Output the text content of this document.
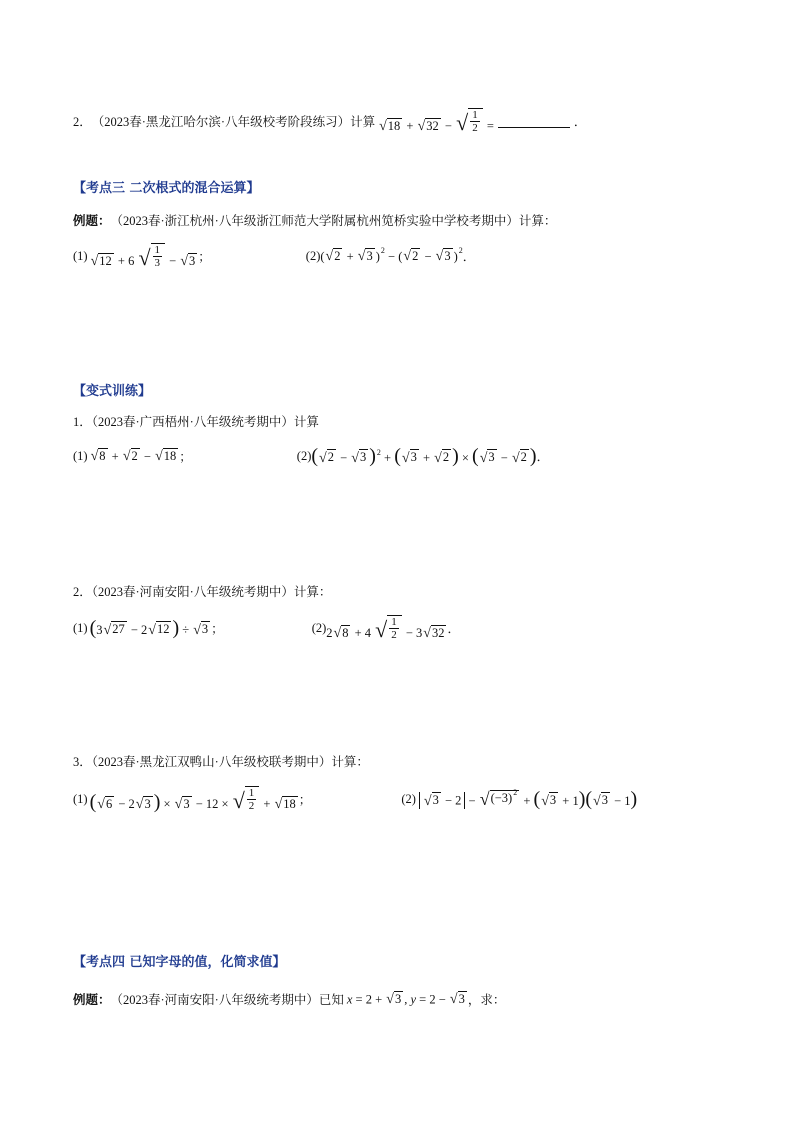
2． （2023春·黑龙江哈尔滨·八年级校考阶段练习） 计算 √ 18 + √ 32 − √ $\frac{1}{2}$ =	．
【考点三 二次根式的混合运算】
例题： （2023春·浙江杭州·八年级浙江师范大学附属杭州笕桥实验中学校考期中）计算：
(1) √ 12 + 6 √ $\frac{1}{3}$ − √ 3 ；	(2) ( √ 2 + √ 3 )$^2$ − ( √ 2 − √ 3 )$^2$ ．
【变式训练】
1．（2023春·广西梧州·八年级统考期中）计算
(1) √ 8 + √ 2 − √ 18 ；	(2) ( √ 2 − √ 3 )$^2$ + ( √ 3 + √ 2 ) × ( √ 3 − √ 2 ) ．
2．（2023春·河南安阳·八年级统考期中）计算：
(1) (3 √ 27 − 2 √ 12 ) ÷ √ 3 ；	(2) 2 √ 8 + 4 √ $\frac{1}{2} - 3$ √ 32 ．
3．（2023春·黑龙江双鸭山·八年级校联考期中）计算：
(1) ( √ 6 − 2 √ 3 ) × √ 3 − 12 × √ $\frac{1}{2}$ + √ 18 ；	(2) √ 3 − 2 − √ $(-3)^2$
+ ( √ 3 + 1)( √ 3 − 1)
【考点四 已知字母的值，化简求值】
例题： （2023春·河南安阳·八年级统考期中）已知 x = 2 + √ 3 , y = 2 − √ 3 ，求：
